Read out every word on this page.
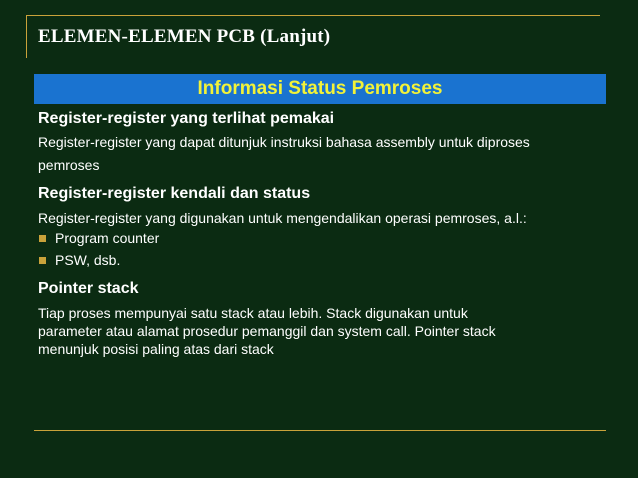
ELEMEN-ELEMEN PCB (Lanjut)
Informasi Status Pemroses
Register-register yang terlihat pemakai
Register-register yang dapat ditunjuk instruksi bahasa assembly untuk diproses
pemroses
Register-register kendali dan status
Register-register yang digunakan untuk mengendalikan operasi pemroses, a.l.:
Program counter
PSW, dsb.
Pointer stack
Tiap proses mempunyai satu stack atau lebih. Stack digunakan untuk
parameter atau alamat prosedur pemanggil dan system call. Pointer stack
menunjuk posisi paling atas dari stack
